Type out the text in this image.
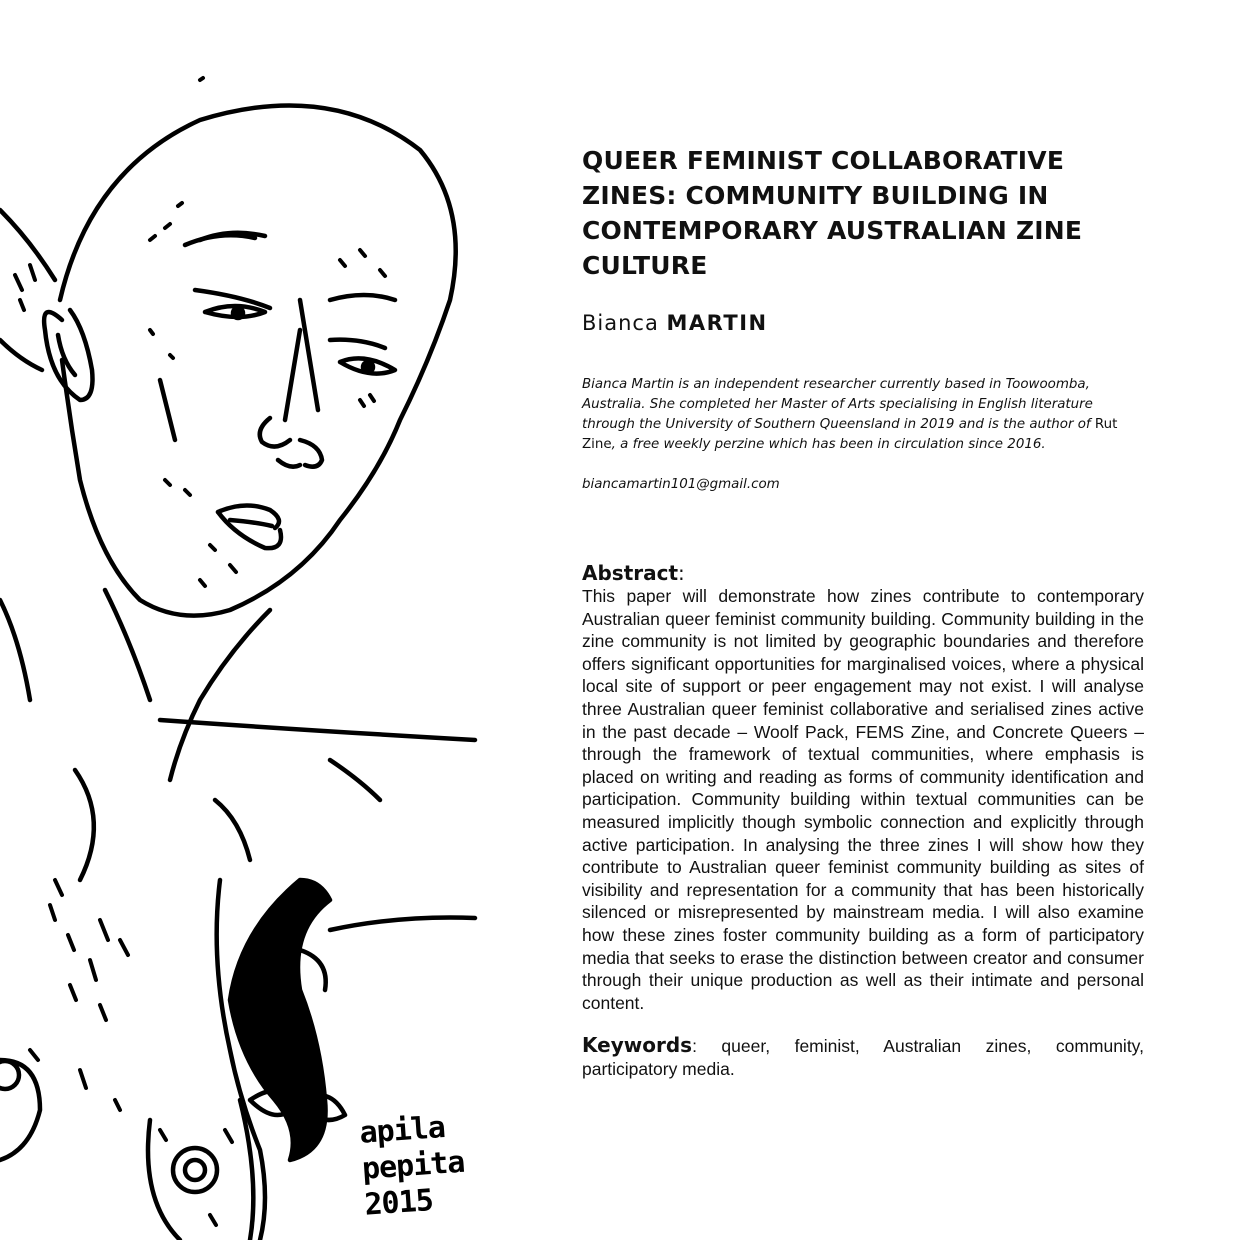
apila
pepita
2015
QUEER FEMINIST COLLABORATIVE ZINES: COMMUNITY BUILDING IN CONTEMPORARY AUSTRALIAN ZINE CULTURE
Bianca MARTIN
Bianca Martin is an independent researcher currently based in Toowoomba, Australia. She completed her Master of Arts specialising in English literature through the University of Southern Queensland in 2019 and is the author of Rut Zine, a free weekly perzine which has been in circulation since 2016.
biancamartin101@gmail.com
Abstract:

This paper will demonstrate how zines contribute to contemporary Australian queer feminist community building. Community building in the zine community is not limited by geographic boundaries and therefore offers significant opportunities for marginalised voices, where a physical local site of support or peer engagement may not exist. I will analyse three Australian queer feminist collaborative and serialised zines active in the past decade – Woolf Pack, FEMS Zine, and Concrete Queers – through the framework of textual communities, where emphasis is placed on writing and reading as forms of community identification and participation. Community building within textual communities can be measured implicitly though symbolic connection and explicitly through active participation. In analysing the three zines I will show how they contribute to Australian queer feminist community building as sites of visibility and representation for a community that has been historically silenced or misrepresented by mainstream media. I will also examine how these zines foster community building as a form of participatory media that seeks to erase the distinction between creator and consumer through their unique production as well as their intimate and personal content.

Keywords: queer, feminist, Australian zines, community, participatory media.
